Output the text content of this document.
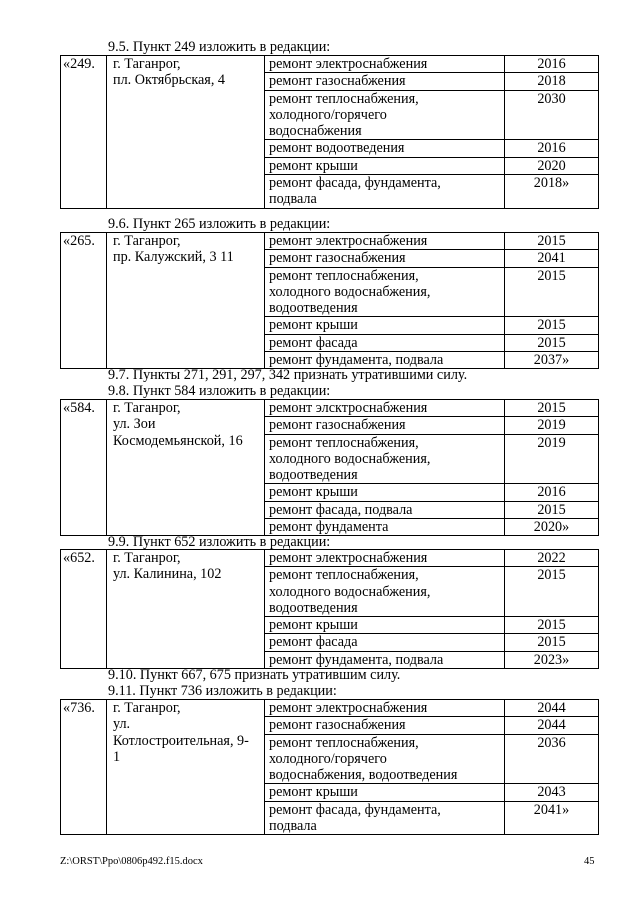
9.5. Пункт 249 изложить в редакции:
«249.	г. Таганрог,
пл. Октябрьская, 4	ремонт электроснабжения	2016

		ремонт газоснабжения	2018

		ремонт теплоснабжения,
холодного/горячего
водоснабжения	2030

		ремонт водоотведения	2016

		ремонт крыши	2020

		ремонт фасада, фундамента,
подвала	2018»
9.6. Пункт 265 изложить в редакции:
«265.	г. Таганрог,
пр. Калужский, 3 11	ремонт электроснабжения	2015

		ремонт газоснабжения	2041

		ремонт теплоснабжения,
холодного водоснабжения,
водоотведения	2015

		ремонт крыши	2015

		ремонт фасада	2015

		ремонт фундамента, подвала	2037»
9.7. Пункты 271, 291, 297, 342 признать утратившими силу.
9.8. Пункт 584 изложить в редакции:
«584.	г. Таганрог,
ул. Зои
Космодемьянской, 16	ремонт элсктроснабжения	2015

		ремонт газоснабжения	2019

		ремонт теплоснабжения,
холодного водоснабжения,
водоотведения	2019

		ремонт крыши	2016

		ремонт фасада, подвала	2015

		ремонт фундамента	2020»
9.9. Пункт 652 изложить в редакции:
«652.	г. Таганрог,
ул. Калинина, 102	ремонт электроснабжения	2022

		ремонт теплоснабжения,
холодного водоснабжения,
водоотведения	2015

		ремонт крыши	2015

		ремонт фасада	2015

		ремонт фундамента, подвала	2023»
9.10. Пункт 667, 675 признать утратившим силу.
9.11. Пункт 736 изложить в редакции:
«736.	г. Таганрог,
ул.
Котлостроительная, 9-
1	ремонт электроснабжения	2044

		ремонт газоснабжения	2044

		ремонт теплоснабжения,
холодного/горячего
водоснабжения, водоотведения	2036

		ремонт крыши	2043

		ремонт фасада, фундамента,
подвала	2041»
Z:\ORST\Ppo\0806p492.f15.docx	45
